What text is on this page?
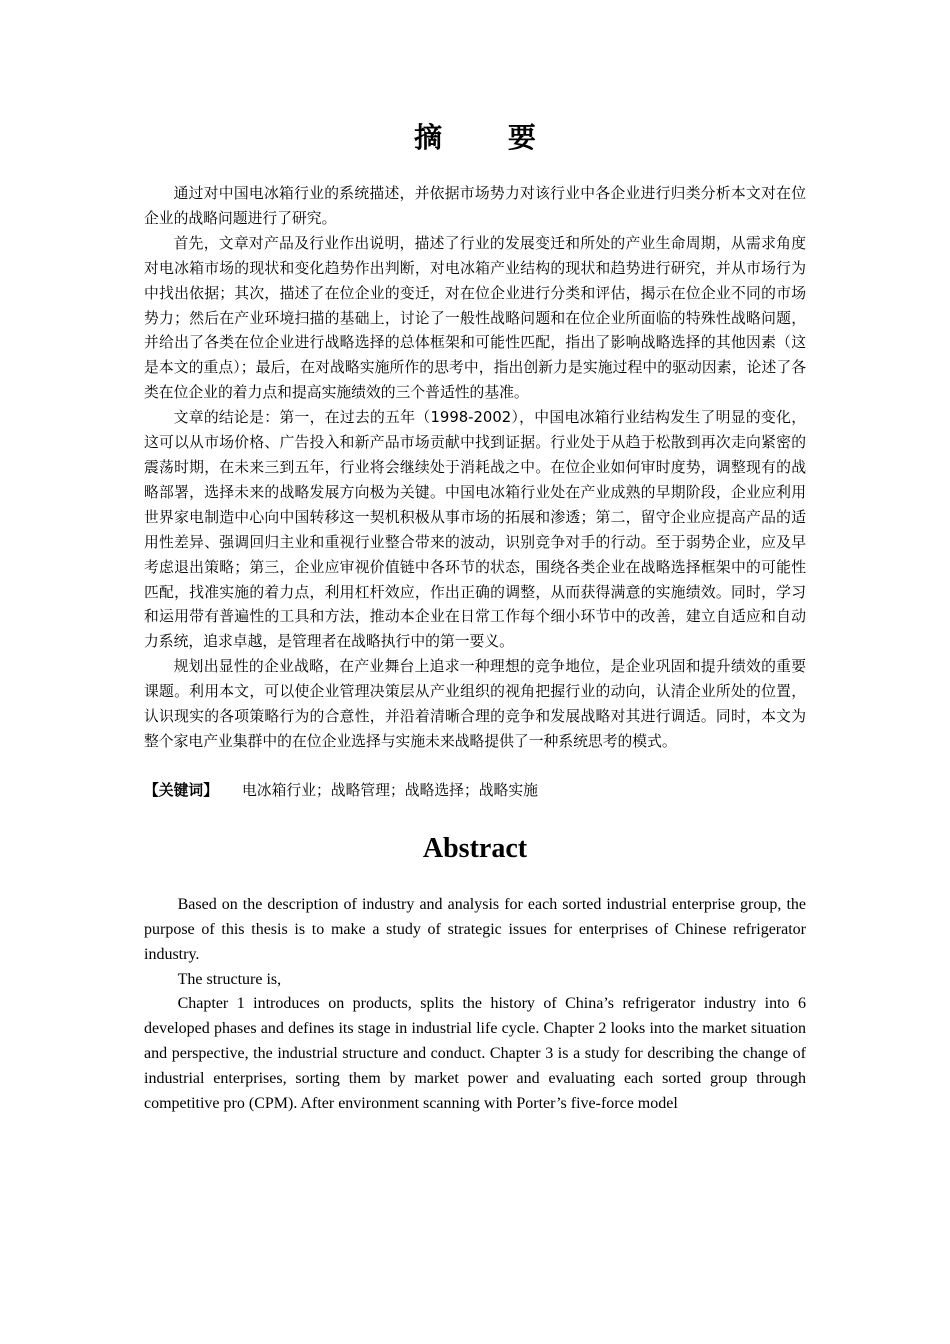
摘 要

通过对中国电冰箱行业的系统描述，并依据市场势力对该行业中各企业进行归类分析本文对在位企业的战略问题进行了研究。

首先，文章对产品及行业作出说明，描述了行业的发展变迁和所处的产业生命周期，从需求角度对电冰箱市场的现状和变化趋势作出判断，对电冰箱产业结构的现状和趋势进行研究，并从市场行为中找出依据；其次，描述了在位企业的变迁，对在位企业进行分类和评估，揭示在位企业不同的市场势力；然后在产业环境扫描的基础上，讨论了一般性战略问题和在位企业所面临的特殊性战略问题，并给出了各类在位企业进行战略选择的总体框架和可能性匹配，指出了影响战略选择的其他因素（这是本文的重点）；最后，在对战略实施所作的思考中，指出创新力是实施过程中的驱动因素，论述了各类在位企业的着力点和提高实施绩效的三个普适性的基准。

文章的结论是：第一，在过去的五年（1998-2002），中国电冰箱行业结构发生了明显的变化，这可以从市场价格、广告投入和新产品市场贡献中找到证据。行业处于从趋于松散到再次走向紧密的震荡时期，在未来三到五年，行业将会继续处于消耗战之中。在位企业如何审时度势，调整现有的战略部署，选择未来的战略发展方向极为关键。中国电冰箱行业处在产业成熟的早期阶段，企业应利用世界家电制造中心向中国转移这一契机积极从事市场的拓展和渗透；第二，留守企业应提高产品的适用性差异、强调回归主业和重视行业整合带来的波动，识别竞争对手的行动。至于弱势企业，应及早考虑退出策略；第三，企业应审视价值链中各环节的状态，围绕各类企业在战略选择框架中的可能性匹配，找准实施的着力点，利用杠杆效应，作出正确的调整，从而获得满意的实施绩效。同时，学习和运用带有普遍性的工具和方法，推动本企业在日常工作每个细小环节中的改善，建立自适应和自动力系统，追求卓越，是管理者在战略执行中的第一要义。

规划出显性的企业战略，在产业舞台上追求一种理想的竞争地位，是企业巩固和提升绩效的重要课题。利用本文，可以使企业管理决策层从产业组织的视角把握行业的动向，认清企业所处的位置，认识现实的各项策略行为的合意性，并沿着清晰合理的竞争和发展战略对其进行调适。同时，本文为整个家电产业集群中的在位企业选择与实施未来战略提供了一种系统思考的模式。

【关键词】 电冰箱行业；战略管理；战略选择；战略实施
Abstract

Based on the description of industry and analysis for each sorted industrial enterprise group, the purpose of this thesis is to make a study of strategic issues for enterprises of Chinese refrigerator industry.

The structure is,

Chapter 1 introduces on products, splits the history of China’s refrigerator industry into 6 developed phases and defines its stage in industrial life cycle. Chapter 2 looks into the market situation and perspective, the industrial structure and conduct. Chapter 3 is a study for describing the change of industrial enterprises, sorting them by market power and evaluating each sorted group through competitive pro (CPM). After environment scanning with Porter’s five-force model
